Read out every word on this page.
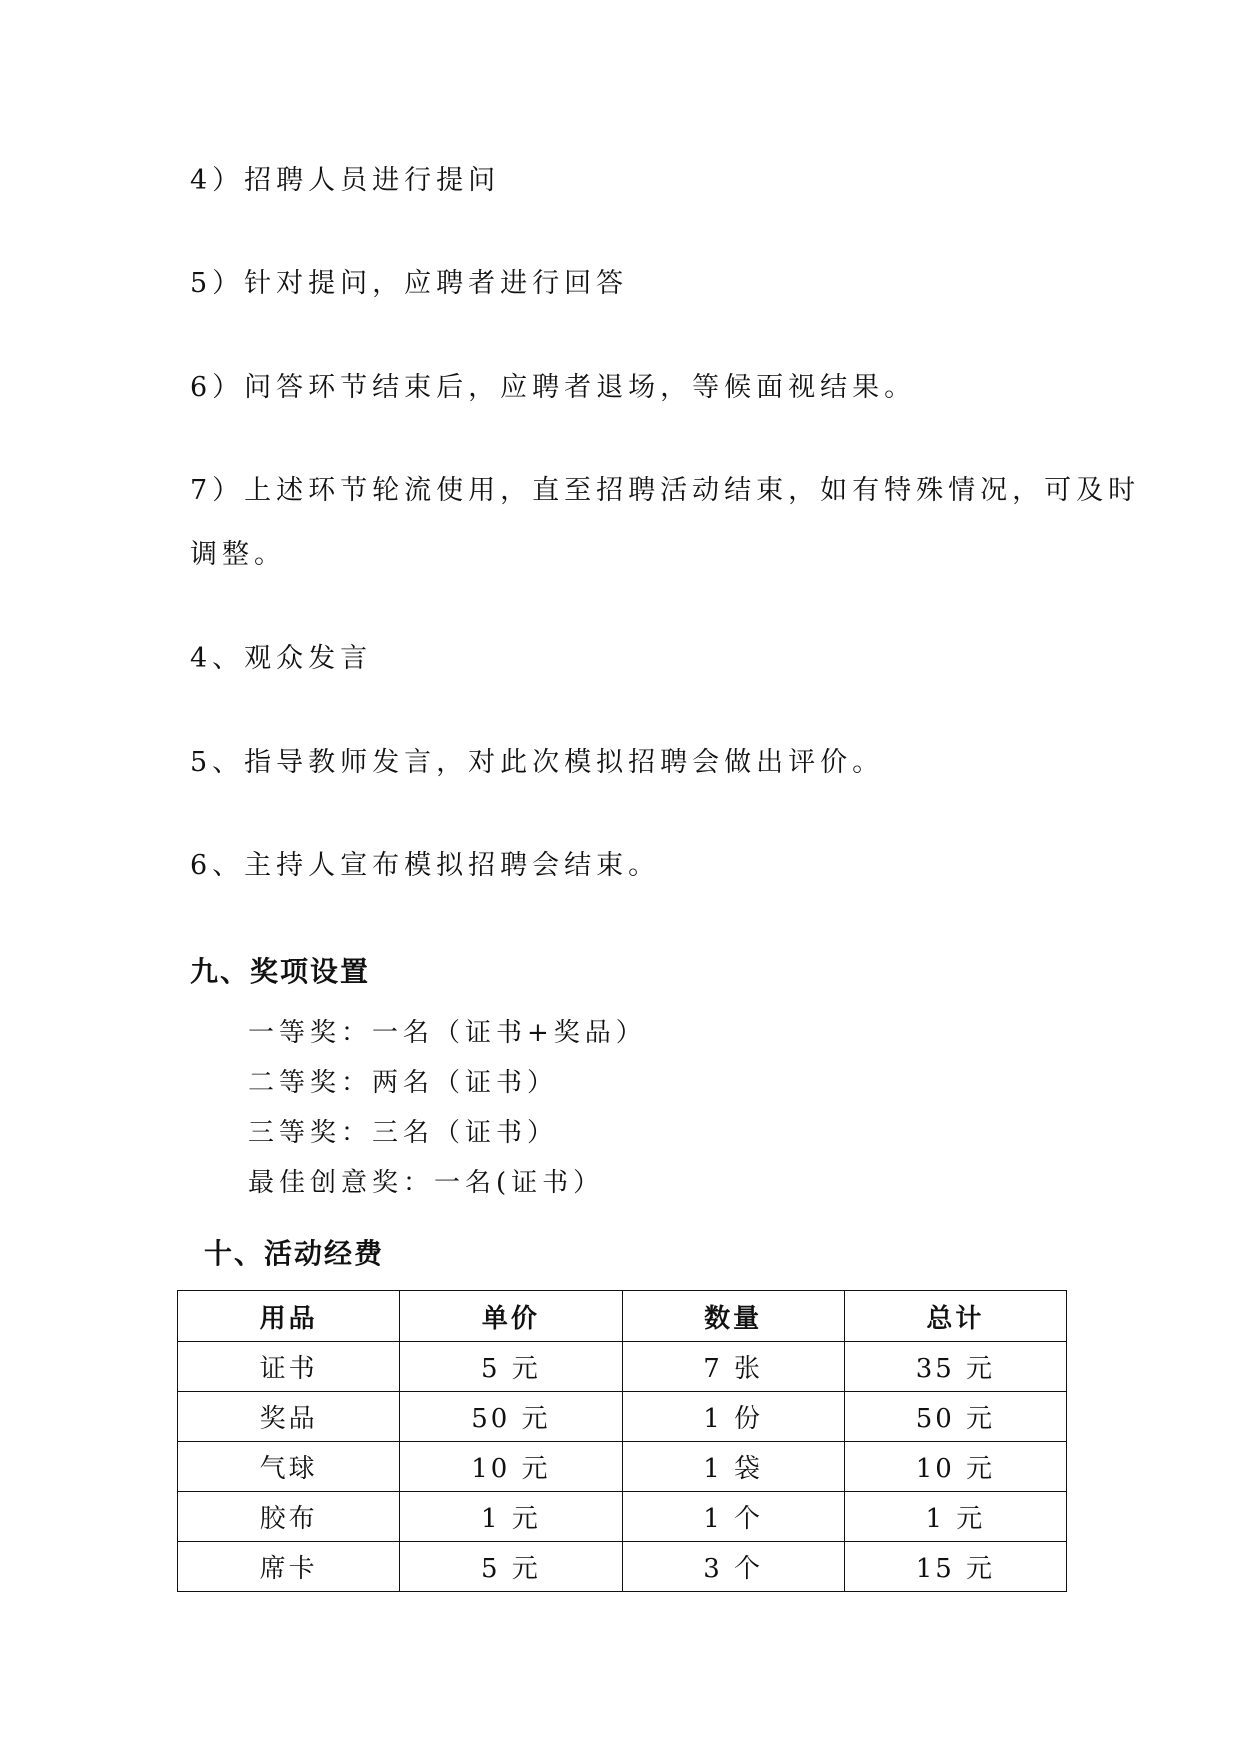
4）招聘人员进行提问
5）针对提问，应聘者进行回答
6）问答环节结束后，应聘者退场，等候面视结果。
7）上述环节轮流使用，直至招聘活动结束，如有特殊情况，可及时
调整。
4、观众发言
5、指导教师发言，对此次模拟招聘会做出评价。
6、主持人宣布模拟招聘会结束。
九、奖项设置
一等奖：一名（证书+奖品）
二等奖：两名（证书）
三等奖：三名（证书）
最佳创意奖：一名(证书）
十、活动经费
用品	单价	数量	总计
证书	5 元	7 张	35 元
奖品	50 元	1 份	50 元
气球	10 元	1 袋	10 元
胶布	1 元	1 个	1 元
席卡	5 元	3 个	15 元
